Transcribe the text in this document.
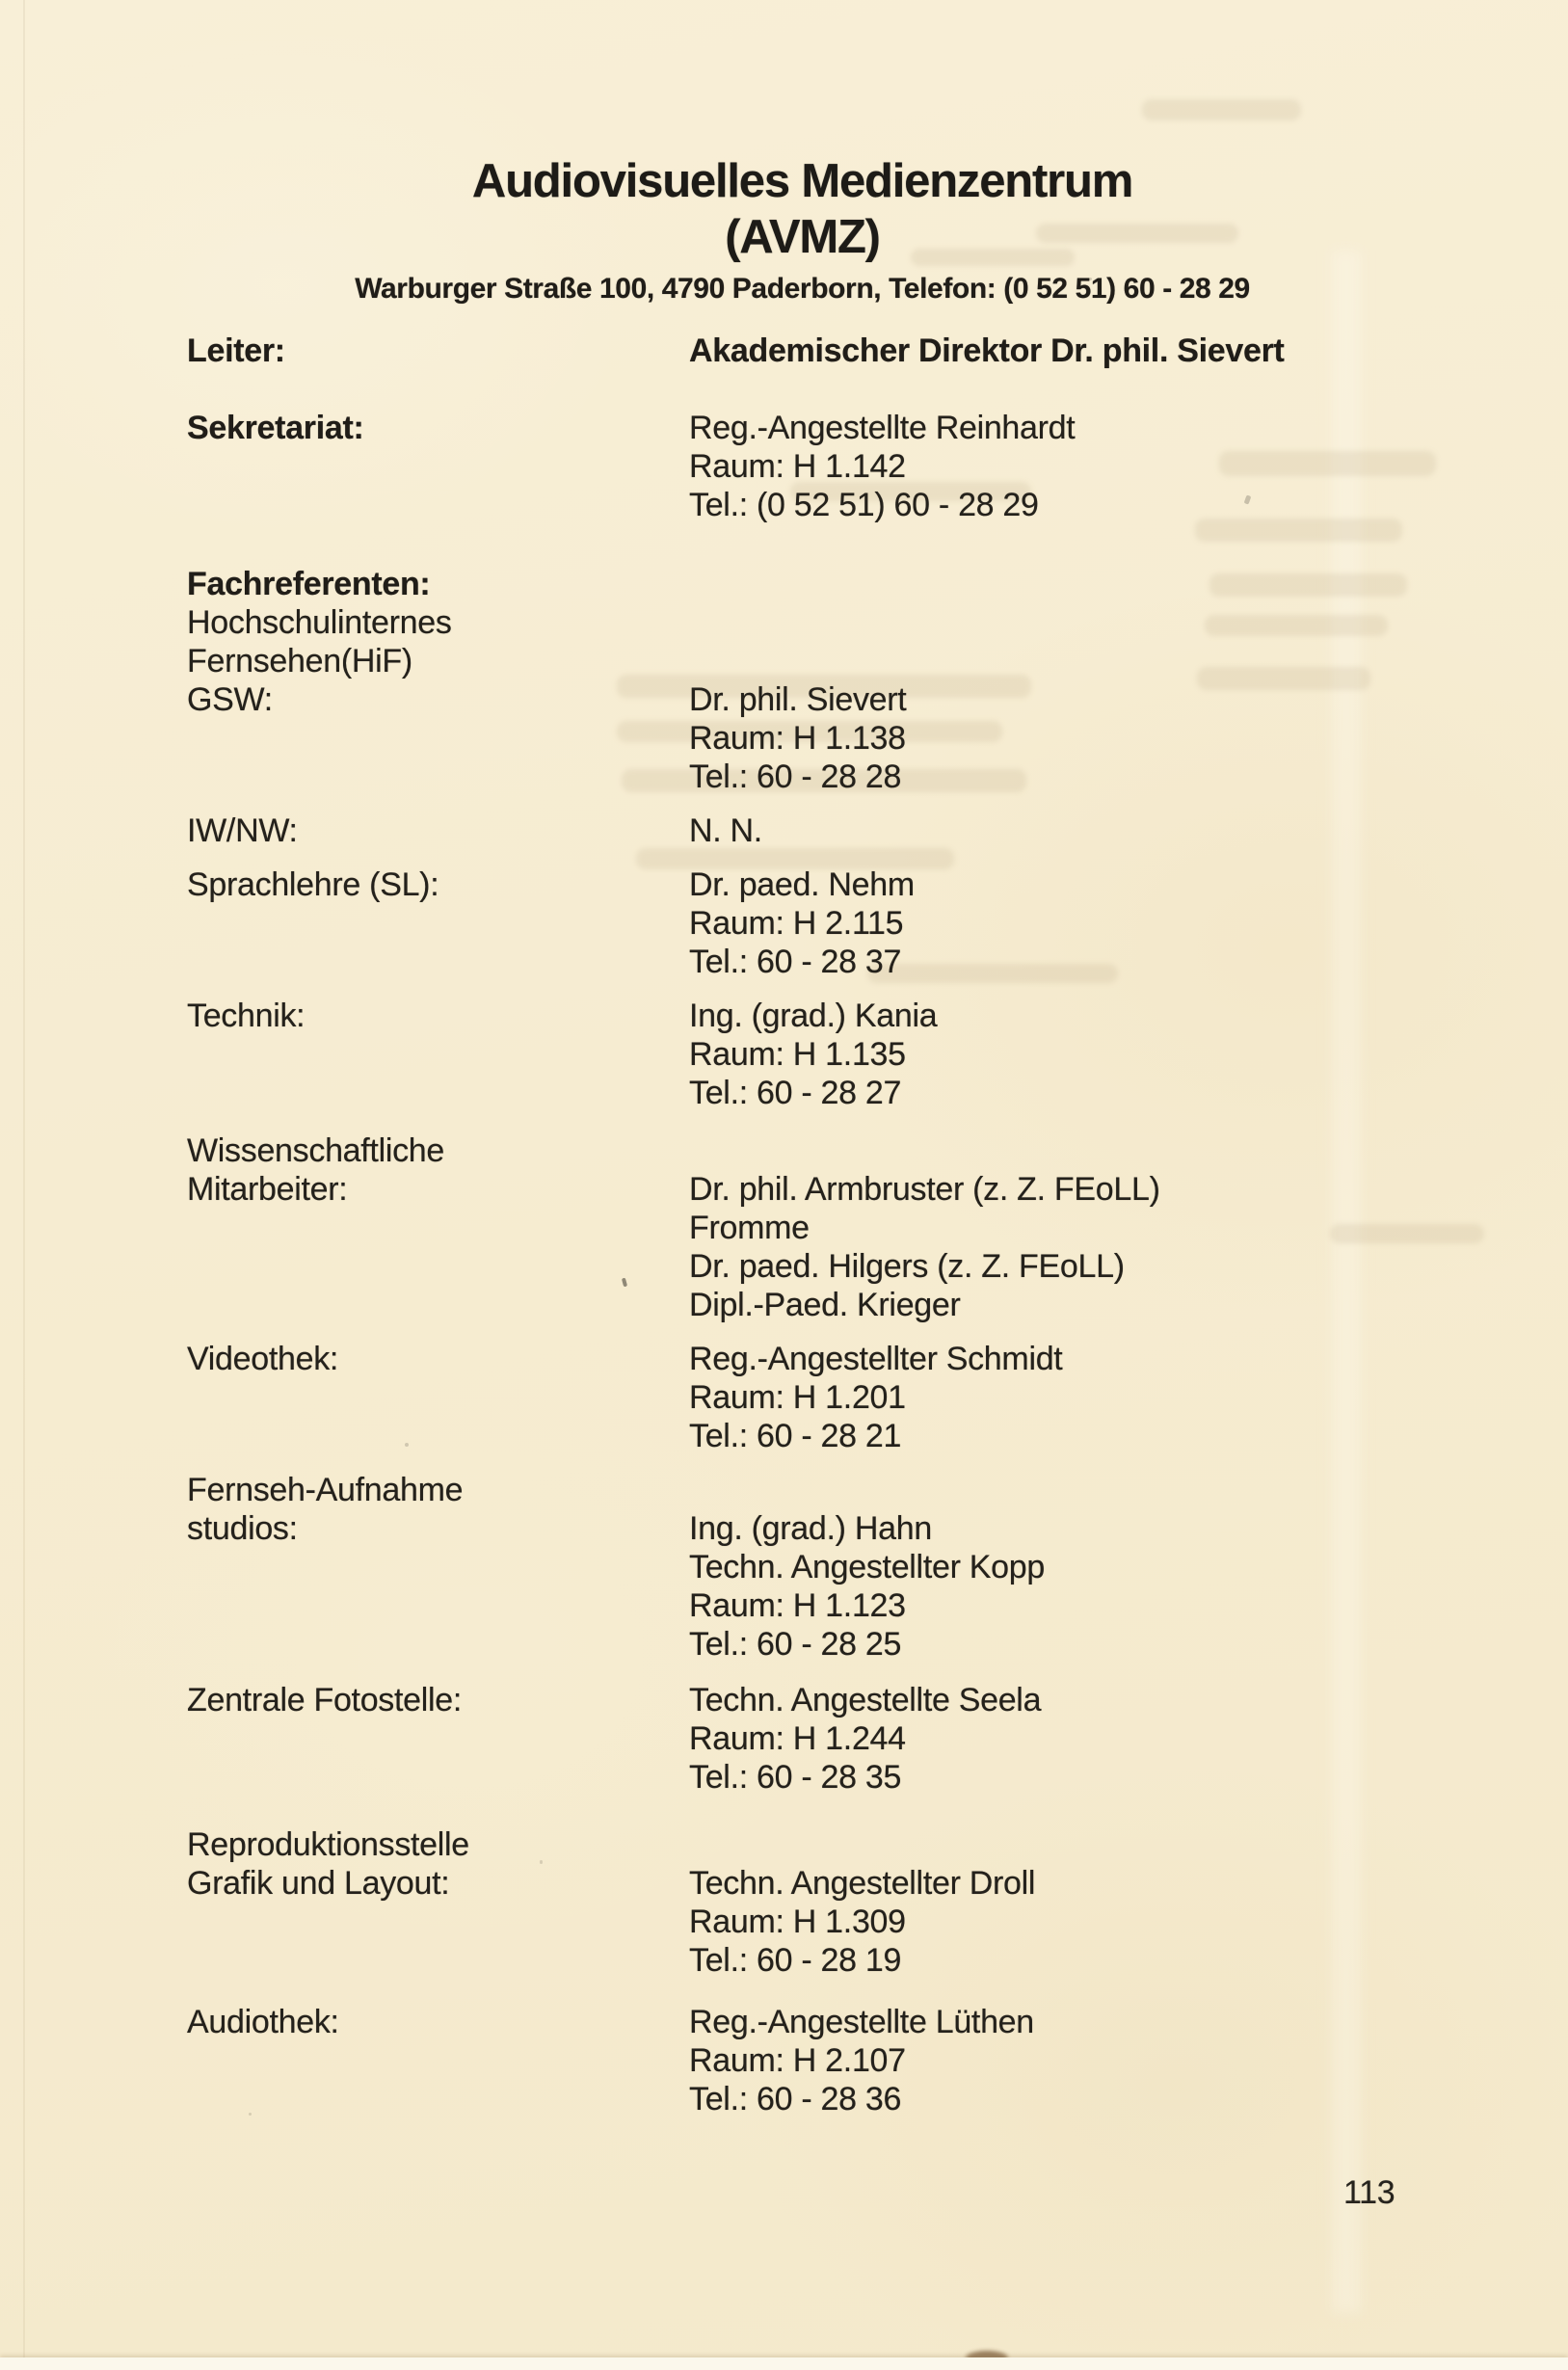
Audiovisuelles Medienzentrum
(AVMZ)
Warburger Straße 100, 4790 Paderborn, Telefon: (0 52 51) 60 - 28 29
Leiter:	Akademischer Direktor Dr. phil. Sievert
Sekretariat:	Reg.-Angestellte Reinhardt
Raum: H 1.142
Tel.: (0 52 51) 60 - 28 29
Fachreferenten:
Hochschulinternes
Fernsehen(HiF)
GSW:	Dr. phil. Sievert
Raum: H 1.138
Tel.: 60 - 28 28
IW/NW:	N. N.
Sprachlehre (SL):	Dr. paed. Nehm
Raum: H 2.115
Tel.: 60 - 28 37
Technik:	Ing. (grad.) Kania
Raum: H 1.135
Tel.: 60 - 28 27
Wissenschaftliche
Mitarbeiter:	Dr. phil. Armbruster (z. Z. FEoLL)
Fromme
Dr. paed. Hilgers (z. Z. FEoLL)
Dipl.-Paed. Krieger
Videothek:	Reg.-Angestellter Schmidt
Raum: H 1.201
Tel.: 60 - 28 21
Fernseh-Aufnahme
studios:	Ing. (grad.) Hahn
Techn. Angestellter Kopp
Raum: H 1.123
Tel.: 60 - 28 25
Zentrale Fotostelle:	Techn. Angestellte Seela
Raum: H 1.244
Tel.: 60 - 28 35
Reproduktionsstelle
Grafik und Layout:	Techn. Angestellter Droll
Raum: H 1.309
Tel.: 60 - 28 19
Audiothek:	Reg.-Angestellte Lüthen
Raum: H 2.107
Tel.: 60 - 28 36
113
